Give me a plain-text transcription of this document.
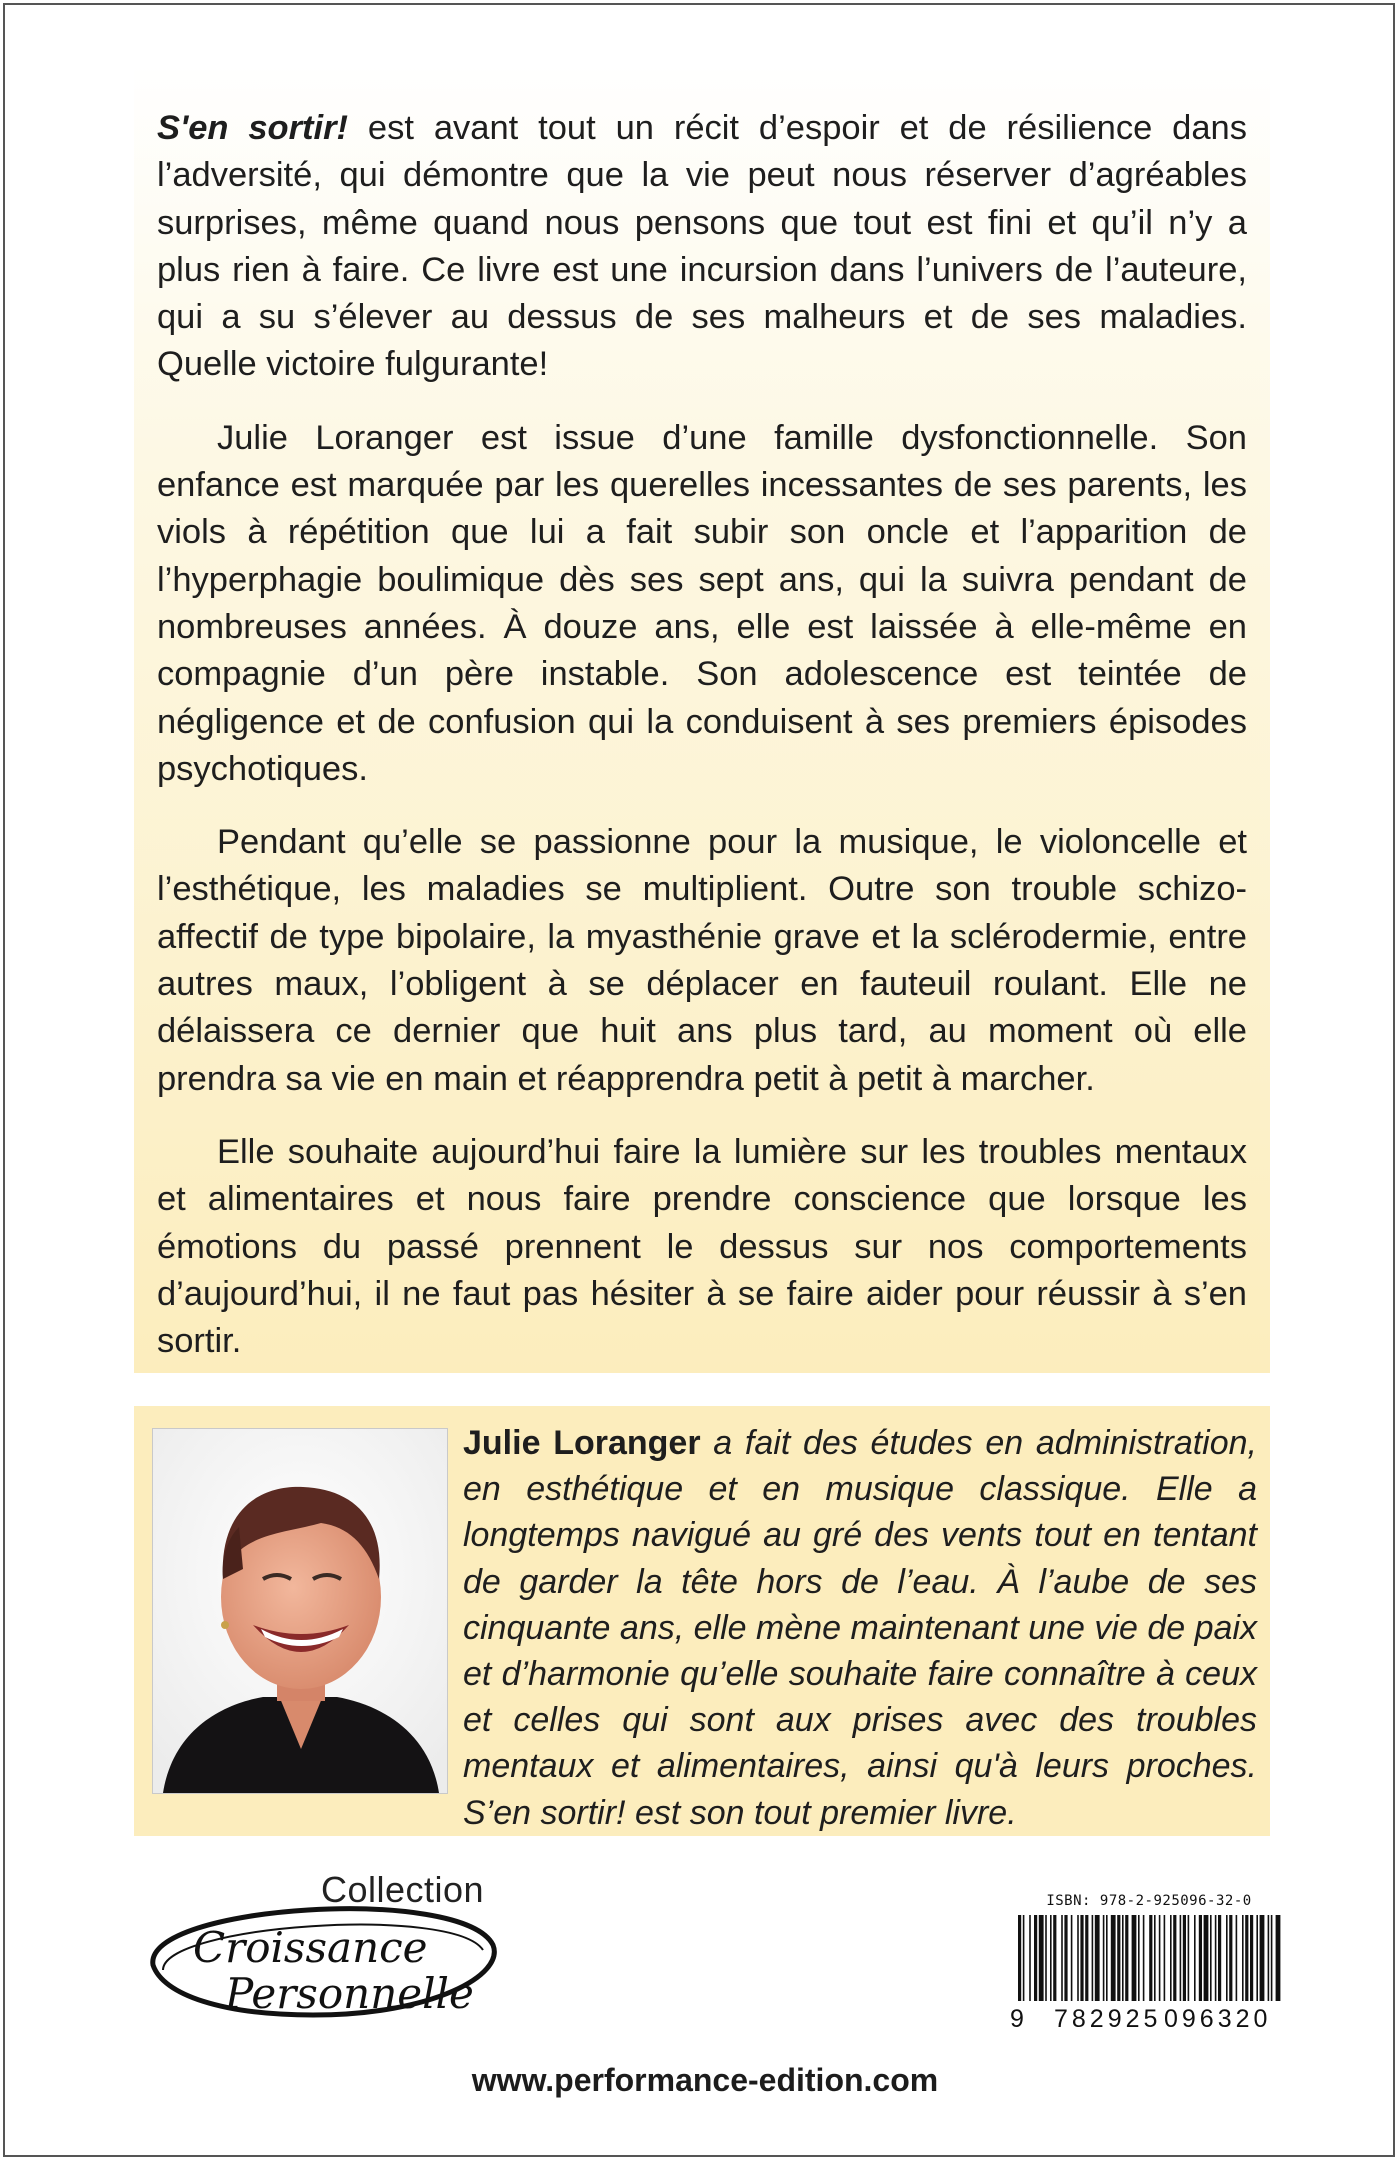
S'en sortir! est avant tout un récit d’espoir et de résilience dans l’adversité, qui démontre que la vie peut nous réserver d’agréables surprises, même quand nous pensons que tout est fini et qu’il n’y a plus rien à faire. Ce livre est une incursion dans l’univers de l’auteure, qui a su s’élever au dessus de ses malheurs et de ses maladies. Quelle victoire fulgurante!

Julie Loranger est issue d’une famille dysfonctionnelle. Son enfance est marquée par les querelles incessantes de ses parents, les viols à répétition que lui a fait subir son oncle et l’apparition de l’hyperphagie boulimique dès ses sept ans, qui la suivra pendant de nombreuses années. À douze ans, elle est laissée à elle-même en compagnie d’un père instable. Son adolescence est teintée de négligence et de confusion qui la conduisent à ses premiers épisodes psychotiques.

Pendant qu’elle se passionne pour la musique, le violoncelle et l’esthétique, les maladies se multiplient. Outre son trouble schizo-affectif de type bipolaire, la myasthénie grave et la sclérodermie, entre autres maux, l’obligent à se déplacer en fauteuil roulant. Elle ne délaissera ce dernier que huit ans plus tard, au moment où elle prendra sa vie en main et réapprendra petit à petit à marcher.

Elle souhaite aujourd’hui faire la lumière sur les troubles mentaux et alimentaires et nous faire prendre conscience que lorsque les émotions du passé prennent le dessus sur nos comportements d’aujourd’hui, il ne faut pas hésiter à se faire aider pour réussir à s’en sortir.

Julie Loranger a fait des études en administration, en esthétique et en musique classique. Elle a longtemps navigué au gré des vents tout en tentant de garder la tête hors de l’eau. À l’aube de ses cinquante ans, elle mène maintenant une vie de paix et d’harmonie qu’elle souhaite faire connaître à ceux et celles qui sont aux prises avec des troubles mentaux et alimentaires, ainsi qu'à leurs proches. S’en sortir! est son tout premier livre.

Collection
Croissance
Personnelle
ISBN: 978-2-925096-32-0
9 782925 096320
www.performance-edition.com
